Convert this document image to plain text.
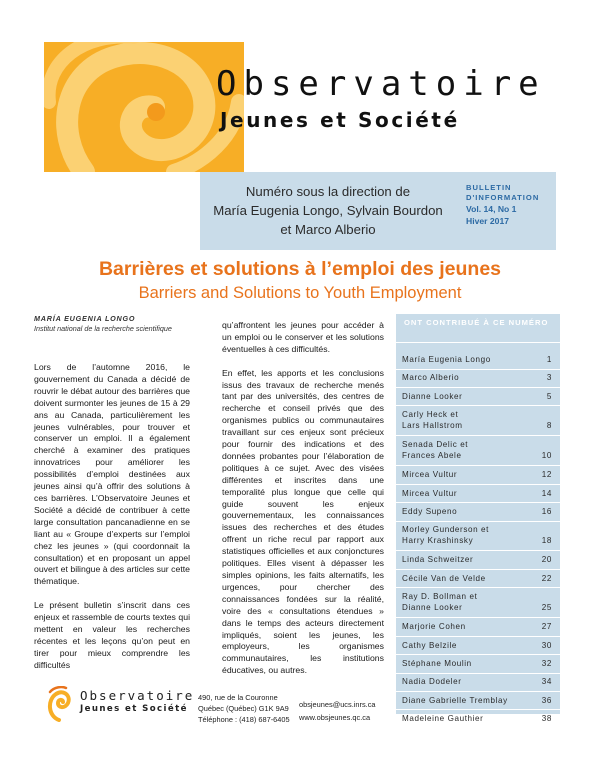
Observatoire
Jeunes et Société
Numéro sous la direction de
María Eugenia Longo, Sylvain Bourdon
et Marco Alberio
BULLETIN
D'INFORMATION
Vol. 14, No 1
Hiver 2017
Barrières et solutions à l’emploi des jeunes
Barriers and Solutions to Youth Employment
MARÍA EUGENIA LONGO
Institut national de la recherche scientifique

Lors de l’automne 2016, le gouvernement du Canada a décidé de rouvrir le débat autour des barrières que doivent surmonter les jeunes de 15 à 29 ans au Canada, particulièrement les jeunes vulnérables, pour trouver et conserver un emploi. Il a également cherché à examiner des pratiques innovatrices pour améliorer les possibilités d’emploi destinées aux jeunes ainsi qu’à offrir des solutions à ces barrières. L’Observatoire Jeunes et Société a décidé de contribuer à cette large consultation pancanadienne en se liant au « Groupe d’experts sur l’emploi chez les jeunes » (qui coordonnait la consultation) et en proposant un appel ouvert et bilingue à des articles sur cette thématique.

Le présent bulletin s’inscrit dans ces enjeux et rassemble de courts textes qui mettent en valeur les recherches récentes et les leçons qu’on peut en tirer pour mieux comprendre les difficultés

qu’affrontent les jeunes pour accéder à un emploi ou le conserver et les solutions éventuelles à ces difficultés.

En effet, les apports et les conclusions issus des travaux de recherche menés tant par des universités, des centres de recherche et conseil privés que des organismes publics ou communautaires travaillant sur ces enjeux sont précieux pour fournir des indications et des données probantes pour l’élaboration de politiques à ce sujet. Avec des visées différentes et inscrites dans une temporalité plus longue que celle qui guide souvent les enjeux gouvernementaux, les connaissances issues des recherches et des études offrent un riche recul par rapport aux statistiques officielles et aux conjonctures politiques. Elles visent à dépasser les simples opinions, les faits alternatifs, les urgences, pour chercher des connaissances fondées sur la réalité, voire des « consultations étendues » dans le temps des acteurs directement impliqués, soient les jeunes, les employeurs, les organismes communautaires, les institutions éducatives, ou autres.

ONT CONTRIBUÉ À CE NUMÉRO
María Eugenia Longo	1
Marco Alberio	3
Dianne Looker	5
Carly Heck et
Lars Hallstrom	8
Senada Delic et
Frances Abele	10
Mircea Vultur	12
Mircea Vultur	14
Eddy Supeno	16
Morley Gunderson et
Harry Krashinsky	18
Linda Schweitzer	20
Cécile Van de Velde	22
Ray D. Bollman et
Dianne Looker	25
Marjorie Cohen	27
Cathy Belzile	30
Stéphane Moulin	32
Nadia Dodeler	34
Diane Gabrielle Tremblay	36
Madeleine Gauthier	38
Observatoire
Jeunes et Société
490, rue de la Couronne
Québec (Québec) G1K 9A9
Téléphone : (418) 687-6405
obsjeunes@ucs.inrs.ca
www.obsjeunes.qc.ca
